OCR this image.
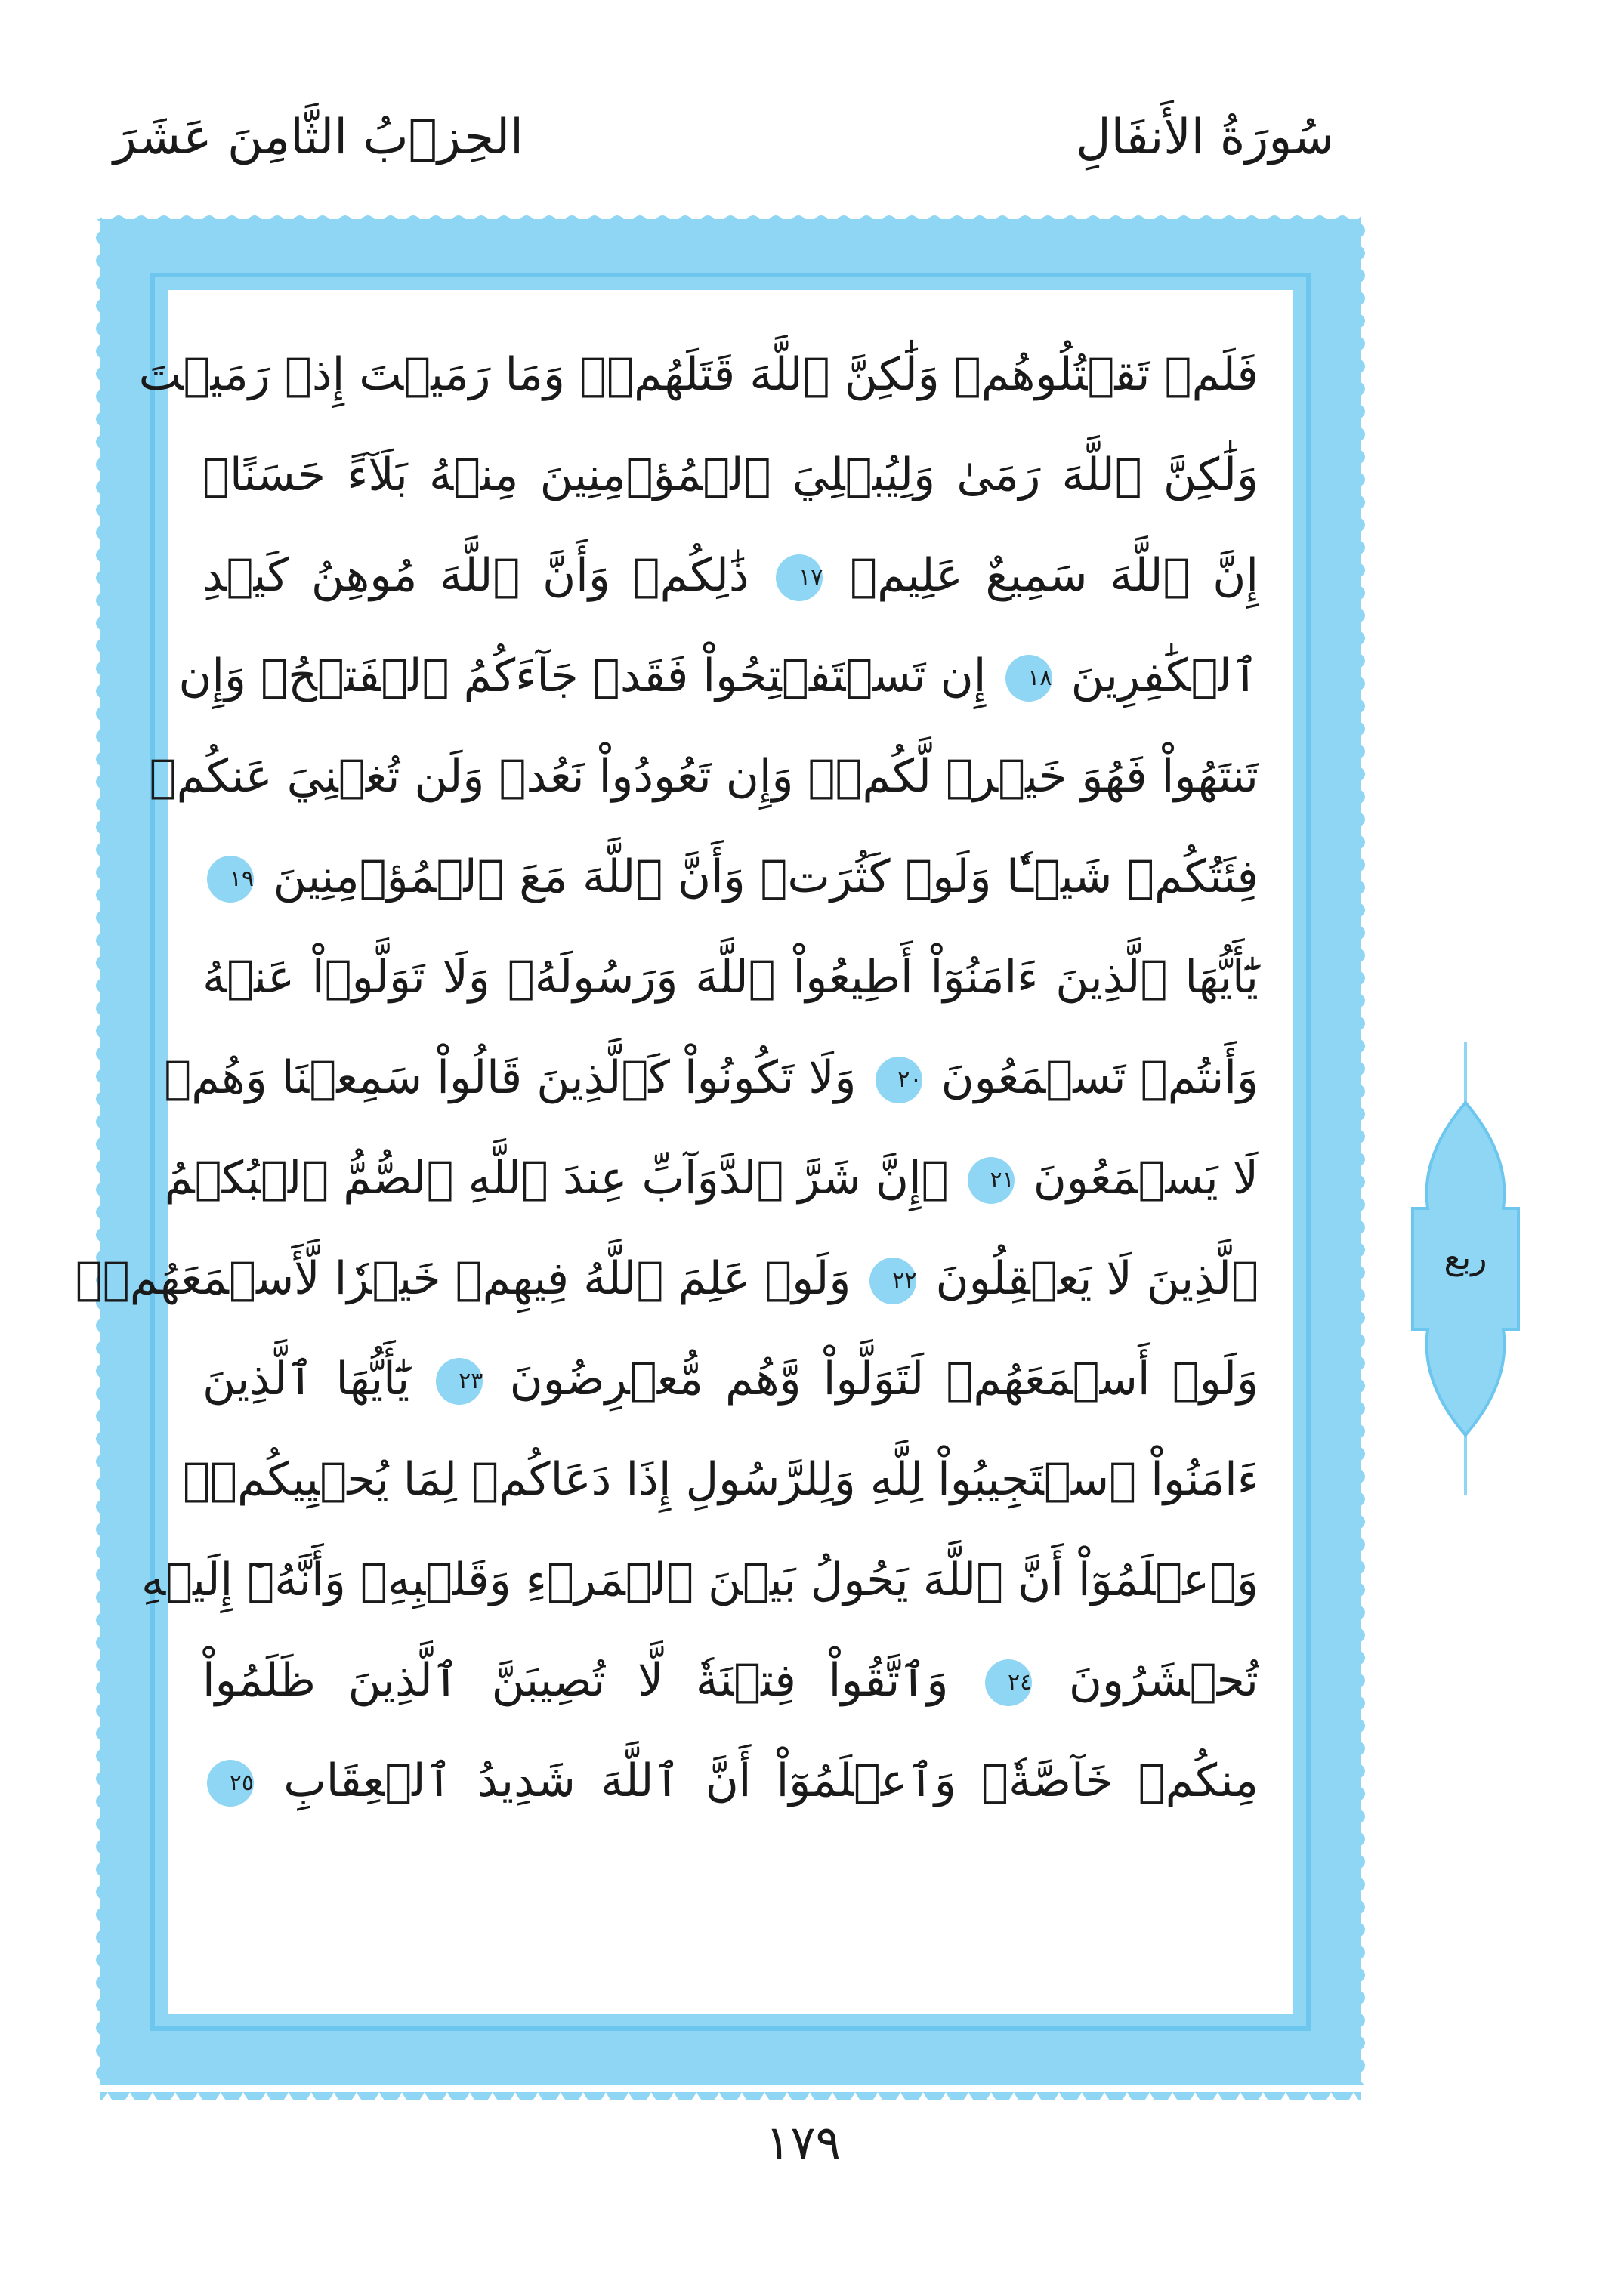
سُورَةُ الأَنفَالِ
الحِزۡبُ الثَّامِنَ عَشَرَ
فَلَمۡ تَقۡتُلُوهُمۡ وَلَٰكِنَّ ٱللَّهَ قَتَلَهُمۡۚ وَمَا رَمَيۡتَ إِذۡ رَمَيۡتَ
وَلَٰكِنَّ ٱللَّهَ رَمَىٰ وَلِيُبۡلِيَ ٱلۡمُؤۡمِنِينَ مِنۡهُ بَلَآءً حَسَنًاۚ
إِنَّ ٱللَّهَ سَمِيعٌ عَلِيمٞ ١٧ ذَٰلِكُمۡ وَأَنَّ ٱللَّهَ مُوهِنُ كَيۡدِ
ٱلۡكَٰفِرِينَ ١٨ إِن تَسۡتَفۡتِحُواْ فَقَدۡ جَآءَكُمُ ٱلۡفَتۡحُۖ وَإِن
تَنتَهُواْ فَهُوَ خَيۡرٞ لَّكُمۡۖ وَإِن تَعُودُواْ نَعُدۡ وَلَن تُغۡنِيَ عَنكُمۡ
فِئَتُكُمۡ شَيۡـٔٗا وَلَوۡ كَثُرَتۡ وَأَنَّ ٱللَّهَ مَعَ ٱلۡمُؤۡمِنِينَ ١٩
يَٰٓأَيُّهَا ٱلَّذِينَ ءَامَنُوٓاْ أَطِيعُواْ ٱللَّهَ وَرَسُولَهُۥ وَلَا تَوَلَّوۡاْ عَنۡهُ
وَأَنتُمۡ تَسۡمَعُونَ ٢٠ وَلَا تَكُونُواْ كَٱلَّذِينَ قَالُواْ سَمِعۡنَا وَهُمۡ
لَا يَسۡمَعُونَ ٢١ ۞إِنَّ شَرَّ ٱلدَّوَآبِّ عِندَ ٱللَّهِ ٱلصُّمُّ ٱلۡبُكۡمُ
ٱلَّذِينَ لَا يَعۡقِلُونَ ٢٢ وَلَوۡ عَلِمَ ٱللَّهُ فِيهِمۡ خَيۡرٗا لَّأَسۡمَعَهُمۡۖ
وَلَوۡ أَسۡمَعَهُمۡ لَتَوَلَّواْ وَّهُم مُّعۡرِضُونَ ٢٣ يَٰٓأَيُّهَا ٱلَّذِينَ
ءَامَنُواْ ٱسۡتَجِيبُواْ لِلَّهِ وَلِلرَّسُولِ إِذَا دَعَاكُمۡ لِمَا يُحۡيِيكُمۡۖ
وَٱعۡلَمُوٓاْ أَنَّ ٱللَّهَ يَحُولُ بَيۡنَ ٱلۡمَرۡءِ وَقَلۡبِهِۦ وَأَنَّهُۥٓ إِلَيۡهِ
تُحۡشَرُونَ ٢٤ وَٱتَّقُواْ فِتۡنَةٗ لَّا تُصِيبَنَّ ٱلَّذِينَ ظَلَمُواْ
مِنكُمۡ خَآصَّةٗۖ وَٱعۡلَمُوٓاْ أَنَّ ٱللَّهَ شَدِيدُ ٱلۡعِقَابِ ٢٥
ربع
١٧٩
